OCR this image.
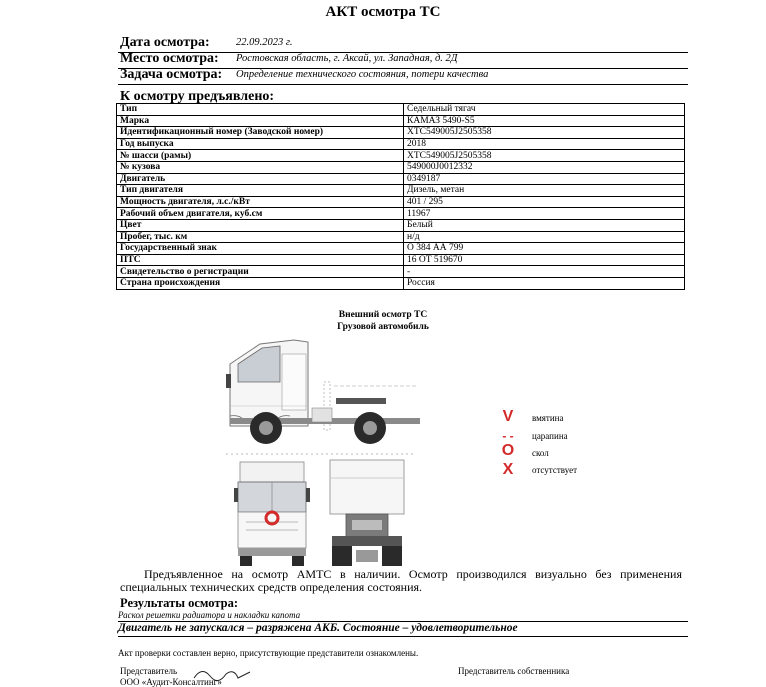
АКТ осмотра ТС
Дата осмотра:	22.09.2023 г.
Место осмотра: Ростовская область, г. Аксай, ул. Западная, д. 2Д
Задача осмотра: Определение технического состояния, потери качества
К осмотру предъявлено:
Тип	Седельный тягач
Марка	КАМАЗ 5490-S5
Идентификационный номер (Заводской номер)	XTC549005J2505358
Год выпуска	2018
№ шасси (рамы)	XTC549005J2505358
№ кузова	549000J0012332
Двигатель	0349187
Тип двигателя	Дизель, метан
Мощность двигателя, л.с./кВт	401 / 295
Рабочий объем двигателя, куб.см	11967
Цвет	Белый
Пробег, тыс. км	н/д
Государственный знак	О 384 АА 799
ПТС	16 ОТ 519670
Свидетельство о регистрации	-
Страна происхождения	Россия
Внешний осмотр ТС
Грузовой автомобиль
V	вмятина
- -	царапина
O	скол
X	отсутствует
Предъявленное на осмотр АМТС в наличии. Осмотр производился визуально без применения специальных технических средств определения состояния.
Результаты осмотра:
Раскол решетки радиатора и накладки капота
Двигатель не запускался – разряжена АКБ. Состояние – удовлетворительное
Акт проверки составлен верно, присутствующие представители ознакомлены.
Представитель
ООО «Аудит-Консалтинг»
Представитель собственника
